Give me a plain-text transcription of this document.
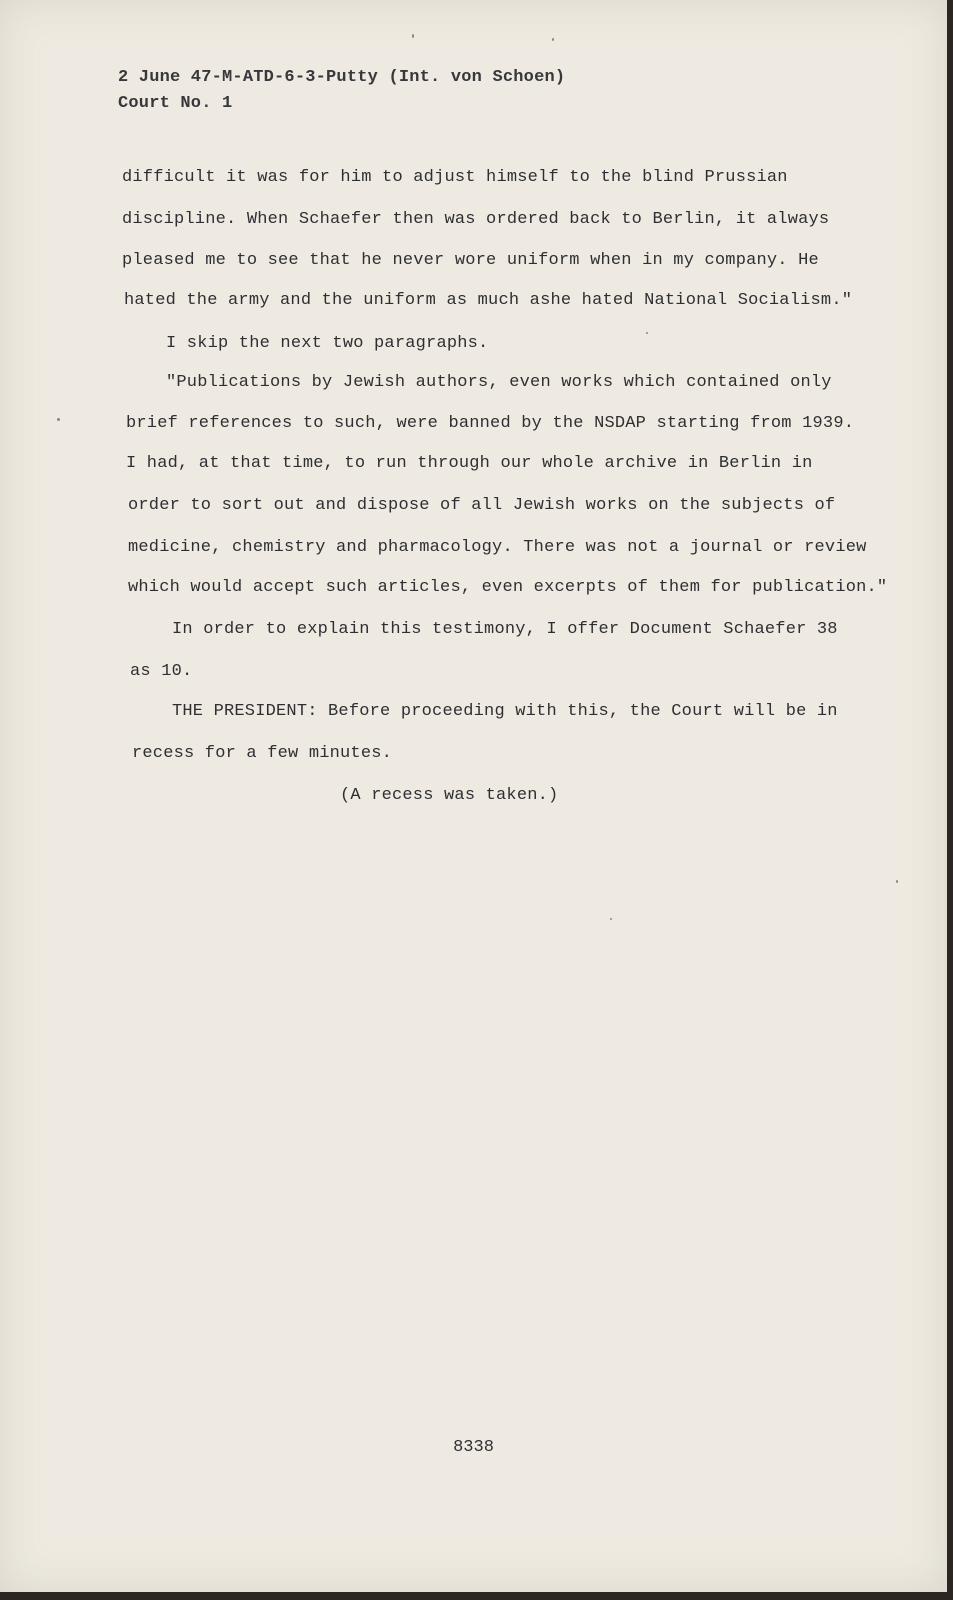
2 June 47-M-ATD-6-3-Putty (Int. von Schoen)
Court No. 1
difficult it was for him to adjust himself to the blind Prussian
discipline. When Schaefer then was ordered back to Berlin, it always
pleased me to see that he never wore uniform when in my company. He
hated the army and the uniform as much ashe hated National Socialism."
I skip the next two paragraphs.
"Publications by Jewish authors, even works which contained only
brief references to such, were banned by the NSDAP starting from 1939.
I had, at that time, to run through our whole archive in Berlin in
order to sort out and dispose of all Jewish works on the subjects of
medicine, chemistry and pharmacology. There was not a journal or review
which would accept such articles, even excerpts of them for publication."
In order to explain this testimony, I offer Document Schaefer 38
as 10.
THE PRESIDENT: Before proceeding with this, the Court will be in
recess for a few minutes.
(A recess was taken.)
8338
